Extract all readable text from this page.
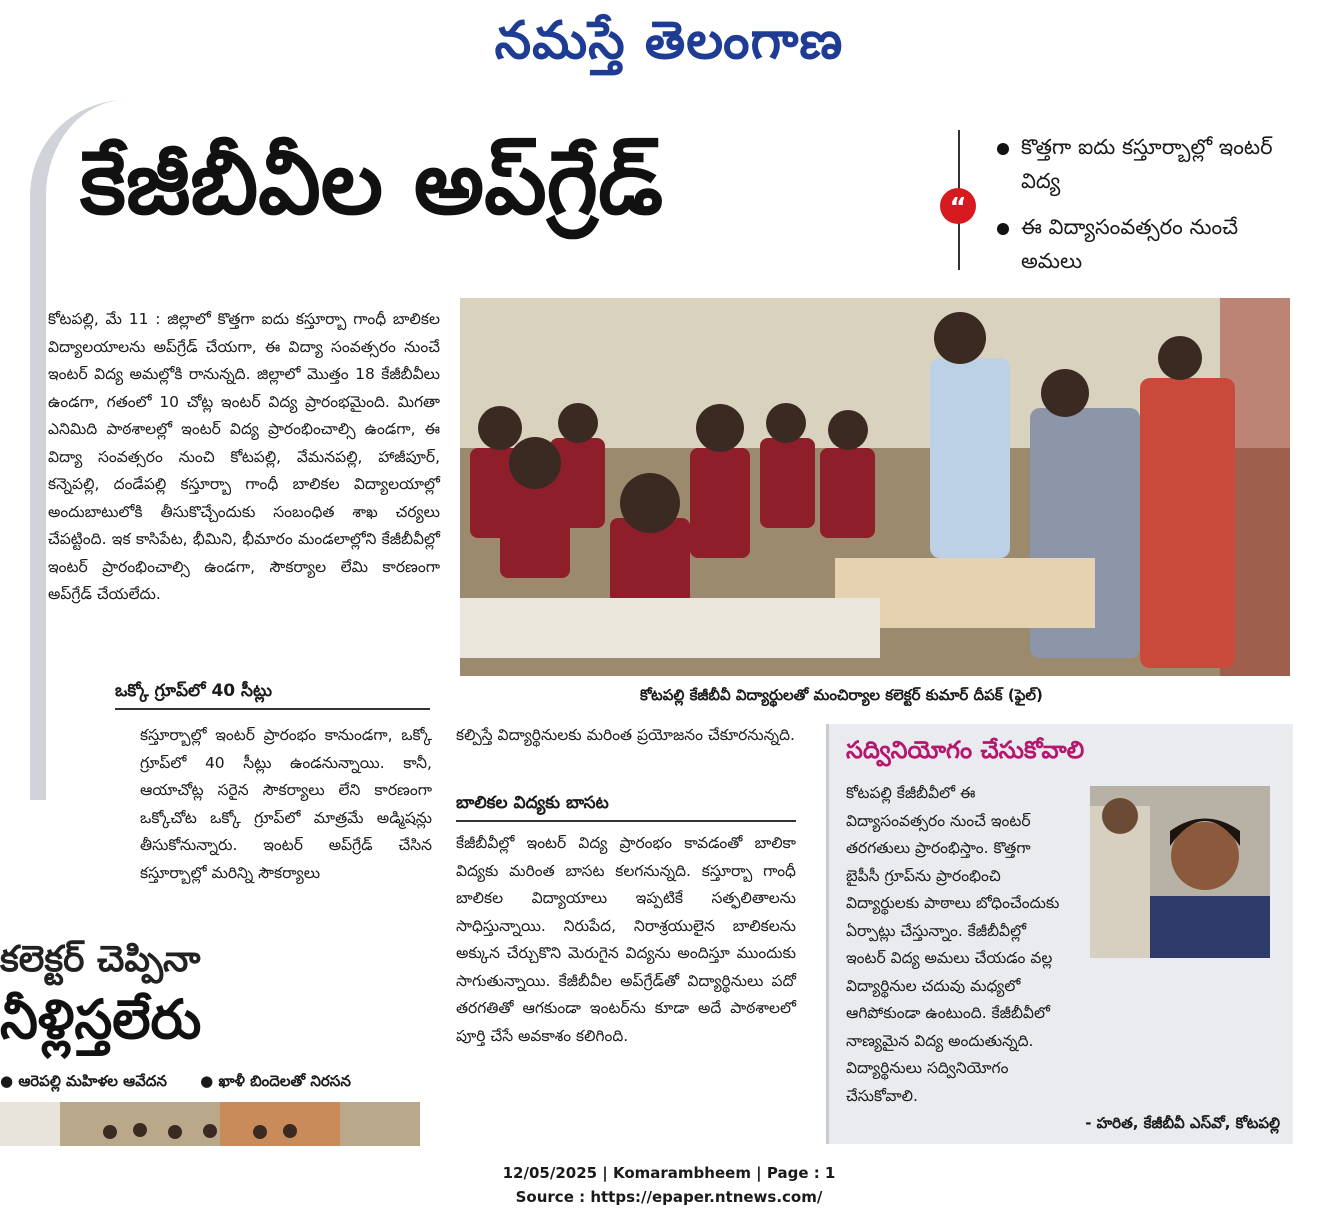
నమస్తే తెలంగాణ
కేజీబీవీల అప్‌గ్రేడ్	“
కొత్తగా ఐదు కస్తూర్బాల్లో ఇంటర్ విద్య
ఈ విద్యాసంవత్సరం నుంచే అమలు
కోటపల్లి, మే 11 : జిల్లాలో కొత్తగా ఐదు కస్తూర్బా గాంధీ బాలికల విద్యాలయాలను అప్‌గ్రేడ్ చేయగా, ఈ విద్యా సంవత్సరం నుంచే ఇంటర్ విద్య అమల్లోకి రానున్నది. జిల్లాలో మొత్తం 18 కేజీబీవీలు ఉండగా, గతంలో 10 చోట్ల ఇంటర్ విద్య ప్రారంభమైంది. మిగతా ఎనిమిది పాఠశాలల్లో ఇంటర్ విద్య ప్రారంభించాల్సి ఉండగా, ఈ విద్యా సంవత్సరం నుంచి కోటపల్లి, వేమనపల్లి, హాజీపూర్, కన్నెపల్లి, దండేపల్లి కస్తూర్బా గాంధీ బాలికల విద్యాలయాల్లో అందుబాటులోకి తీసుకొచ్చేందుకు సంబంధిత శాఖ చర్యలు చేపట్టింది. ఇక కాసిపేట, భీమిని, భీమారం మండలాల్లోని కేజీబీవీల్లో ఇంటర్ ప్రారంభించాల్సి ఉండగా, సౌకర్యాల లేమి కారణంగా అప్‌గ్రేడ్ చేయలేదు.
కోటపల్లి కేజీబీవీ విద్యార్థులతో మంచిర్యాల కలెక్టర్ కుమార్ దీపక్ (ఫైల్)
ఒక్కో గ్రూప్‌లో 40 సీట్లు
కస్తూర్బాల్లో ఇంటర్ ప్రారంభం కానుండగా, ఒక్కో గ్రూప్‌లో 40 సీట్లు ఉండనున్నాయి. కానీ, ఆయాచోట్ల సరైన సౌకర్యాలు లేని కారణంగా ఒక్కోచోట ఒక్కో గ్రూప్‌లో మాత్రమే అడ్మిషన్లు తీసుకోనున్నారు. ఇంటర్ అప్‌గ్రేడ్ చేసిన కస్తూర్బాల్లో మరిన్ని సౌకర్యాలు
కల్పిస్తే విద్యార్థినులకు మరింత ప్రయోజనం చేకూరనున్నది.
బాలికల విద్యకు బాసట
కేజీబీవీల్లో ఇంటర్ విద్య ప్రారంభం కావడంతో బాలికా విద్యకు మరింత బాసట కలగనున్నది. కస్తూర్బా గాంధీ బాలికల విద్యాయాలు ఇప్పటికే సత్ఫలితాలను సాధిస్తున్నాయి. నిరుపేద, నిరాశ్రయులైన బాలికలను అక్కున చేర్చుకొని మెరుగైన విద్యను అందిస్తూ ముందుకు సాగుతున్నాయి. కేజీబీవీల అప్‌గ్రేడ్‌తో విద్యార్థినులు పదో తరగతితో ఆగకుండా ఇంటర్‌ను కూడా అదే పాఠశాలలో పూర్తి చేసే అవకాశం కలిగింది.
సద్వినియోగం చేసుకోవాలి
కోటపల్లి కేజీబీవీలో ఈ విద్యాసంవత్సరం నుంచే ఇంటర్ తరగతులు ప్రారంభిస్తాం. కొత్తగా బైపీసీ గ్రూప్‌ను ప్రారంభించి విద్యార్థులకు పాఠాలు బోధించేందుకు ఏర్పాట్లు చేస్తున్నాం. కేజీబీవీల్లో ఇంటర్ విద్య అమలు చేయడం వల్ల విద్యార్థినుల చదువు మధ్యలో ఆగిపోకుండా ఉంటుంది. కేజీబీవీలో నాణ్యమైన విద్య అందుతున్నది. విద్యార్థినులు సద్వినియోగం చేసుకోవాలి.
- హరిత, కేజీబీవీ ఎస్‌వో, కోటపల్లి
కలెక్టర్ చెప్పినా
నీళ్లిస్తలేరు
● ఆరెపల్లి మహిళల ఆవేదన ● ఖాళీ బిందెలతో నిరసన
12/05/2025 | Komarambheem | Page : 1
Source : https://epaper.ntnews.com/
